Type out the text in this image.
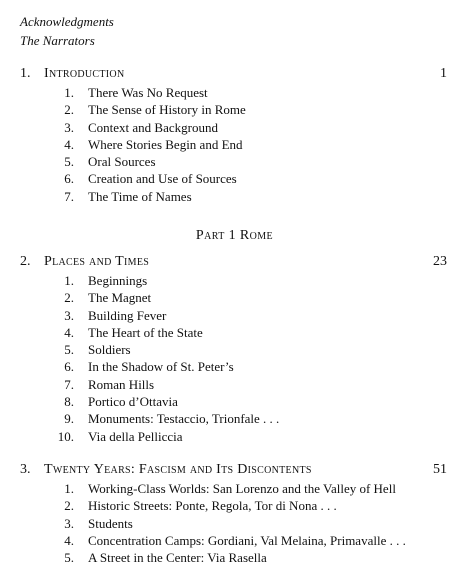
Acknowledgments
The Narrators
1. Introduction	1
1. There Was No Request
2. The Sense of History in Rome
3. Context and Background
4. Where Stories Begin and End
5. Oral Sources
6. Creation and Use of Sources
7. The Time of Names
Part 1 Rome
2. Places and Times	23
1. Beginnings
2. The Magnet
3. Building Fever
4. The Heart of the State
5. Soldiers
6. In the Shadow of St. Peter’s
7. Roman Hills
8. Portico d’Ottavia
9. Monuments: Testaccio, Trionfale . . .
10. Via della Pelliccia
3. Twenty Years: Fascism and Its Discontents	51
1. Working-Class Worlds: San Lorenzo and the Valley of Hell
2. Historic Streets: Ponte, Regola, Tor di Nona . . .
3. Students
4. Concentration Camps: Gordiani, Val Melaina, Primavalle . . .
5. A Street in the Center: Via Rasella
